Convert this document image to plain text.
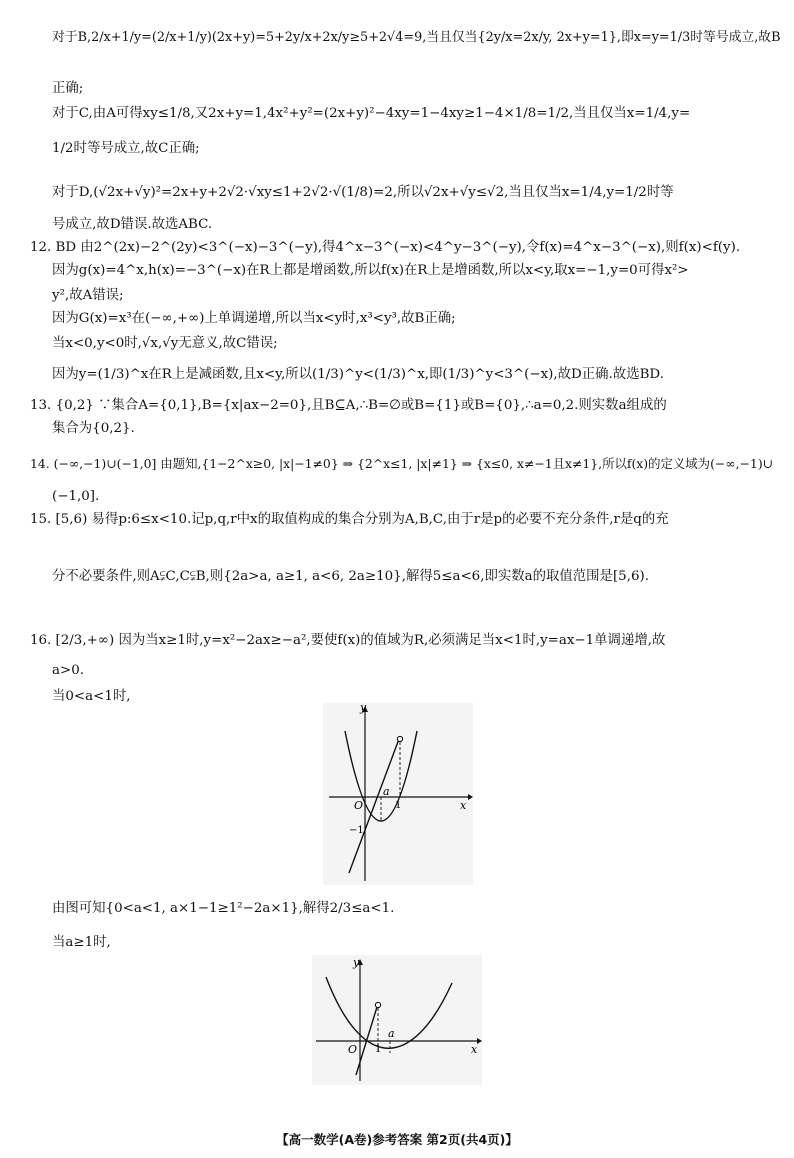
对于B,2/x+1/y=(2/x+1/y)(2x+y)=5+2y/x+2x/y≥5+2√4=9,当且仅当{2y/x=2x/y, 2x+y=1},即x=y=1/3时等号成立,故B
正确;
对于C,由A可得xy≤1/8,又2x+y=1,4x²+y²=(2x+y)²−4xy=1−4xy≥1−4×1/8=1/2,当且仅当x=1/4,y=
1/2时等号成立,故C正确;
对于D,(√2x+√y)²=2x+y+2√2·√xy≤1+2√2·√(1/8)=2,所以√2x+√y≤√2,当且仅当x=1/4,y=1/2时等
号成立,故D错误.故选ABC.
12. BD 由2^(2x)−2^(2y)<3^(−x)−3^(−y),得4^x−3^(−x)<4^y−3^(−y),令f(x)=4^x−3^(−x),则f(x)<f(y).
因为g(x)=4^x,h(x)=−3^(−x)在R上都是增函数,所以f(x)在R上是增函数,所以x<y,取x=−1,y=0可得x²>
y²,故A错误;
因为G(x)=x³在(−∞,+∞)上单调递增,所以当x<y时,x³<y³,故B正确;
当x<0,y<0时,√x,√y无意义,故C错误;
因为y=(1/3)^x在R上是减函数,且x<y,所以(1/3)^y<(1/3)^x,即(1/3)^y<3^(−x),故D正确.故选BD.
13. {0,2} ∵集合A={0,1},B={x|ax−2=0},且B⊆A,∴B=∅或B={1}或B={0},∴a=0,2.则实数a组成的
集合为{0,2}.
14. (−∞,−1)∪(−1,0] 由题知,{1−2^x≥0, |x|−1≠0} ⇒ {2^x≤1, |x|≠1} ⇒ {x≤0, x≠−1且x≠1},所以f(x)的定义域为(−∞,−1)∪
(−1,0].
15. [5,6) 易得p:6≤x<10.记p,q,r中x的取值构成的集合分别为A,B,C,由于r是p的必要不充分条件,r是q的充
分不必要条件,则A⫋C,C⫋B,则{2a>a, a≥1, a<6, 2a≥10},解得5≤a<6,即实数a的取值范围是[5,6).
16. [2/3,+∞) 因为当x≥1时,y=x²−2ax≥−a²,要使f(x)的值域为R,必须满足当x<1时,y=ax−1单调递增,故
a>0.
当0<a<1时,
y
x
O
a
1
−1
由图可知{0<a<1, a×1−1≥1²−2a×1},解得2/3≤a<1.
当a≥1时,
y
x
O
a
1
【高一数学(A卷)参考答案 第2页(共4页)】
